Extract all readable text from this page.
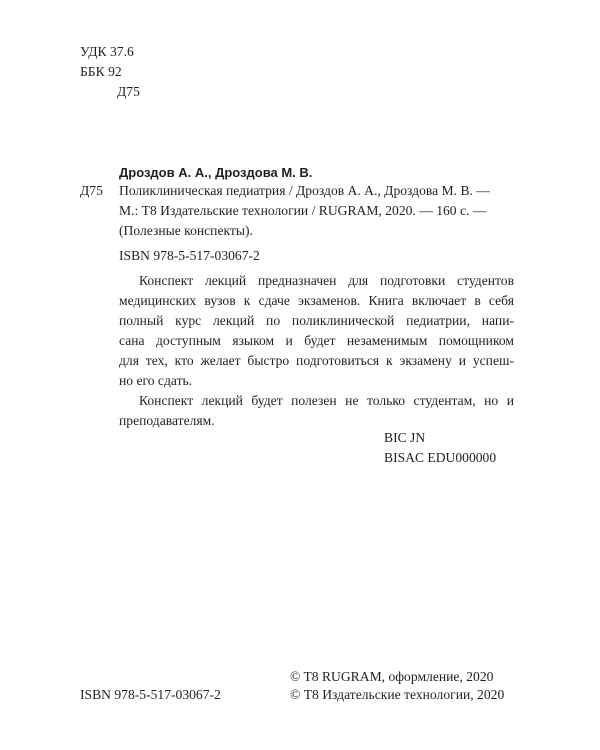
УДК 37.6
ББК 92
Д75
Дроздов А. А., Дроздова М. В.
Д75 Поликлиническая педиатрия / Дроздов А. А., Дроздова М. В. —
М.: Т8 Издательские технологии / RUGRAM, 2020. — 160 с. —
(Полезные конспекты).
ISBN 978-5-517-03067-2

Конспект лекций предназначен для подготовки студентов
медицинских вузов к сдаче экзаменов. Книга включает в себя
полный курс лекций по поликлинической педиатрии, напи-
сана доступным языком и будет незаменимым помощником
для тех, кто желает быстро подготовиться к экзамену и успеш-
но его сдать.

Конспект лекций будет полезен не только студентам, но и
преподавателям.

BIC JN
BISAC EDU000000
ISBN 978-5-517-03067-2
© T8 RUGRAM, оформление, 2020
© Т8 Издательские технологии, 2020
